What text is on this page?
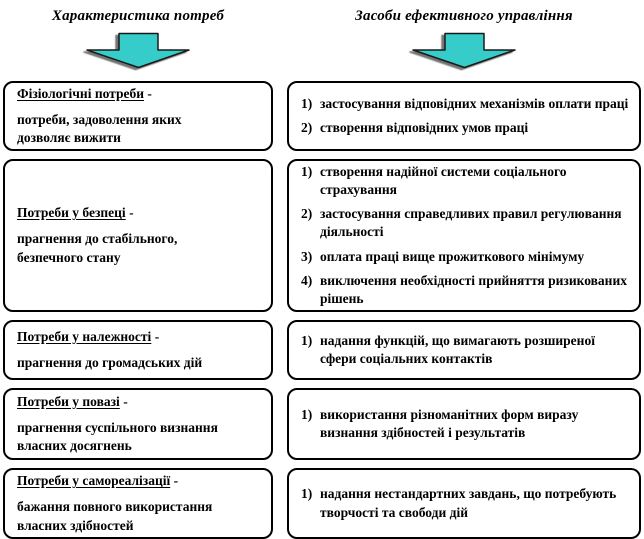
Характеристика потреб	Засоби ефективного управління
Фізіологічні потреби -
потреби, задоволення яких дозволяє вижити
1) застосування відповідних механізмів оплати праці
2) створення відповідних умов праці
Потреби у безпеці -
прагнення до стабільного, безпечного стану
1) створення надійної системи соціального страхування
2) застосування справедливих правил регулювання діяльності
3) оплата праці вище прожиткового мінімуму
4) виключення необхідності прийняття ризикованих рішень
Потреби у належності -
прагнення до громадських дій
1) надання функцій, що вимагають розширеної сфери соціальних контактів
Потреби у повазі -
прагнення суспільного визнання власних досягнень
1) використання різноманітних форм виразу визнання здібностей і результатів
Потреби у самореалізації -
бажання повного використання власних здібностей
1) надання нестандартних завдань, що потребують творчості та свободи дій
